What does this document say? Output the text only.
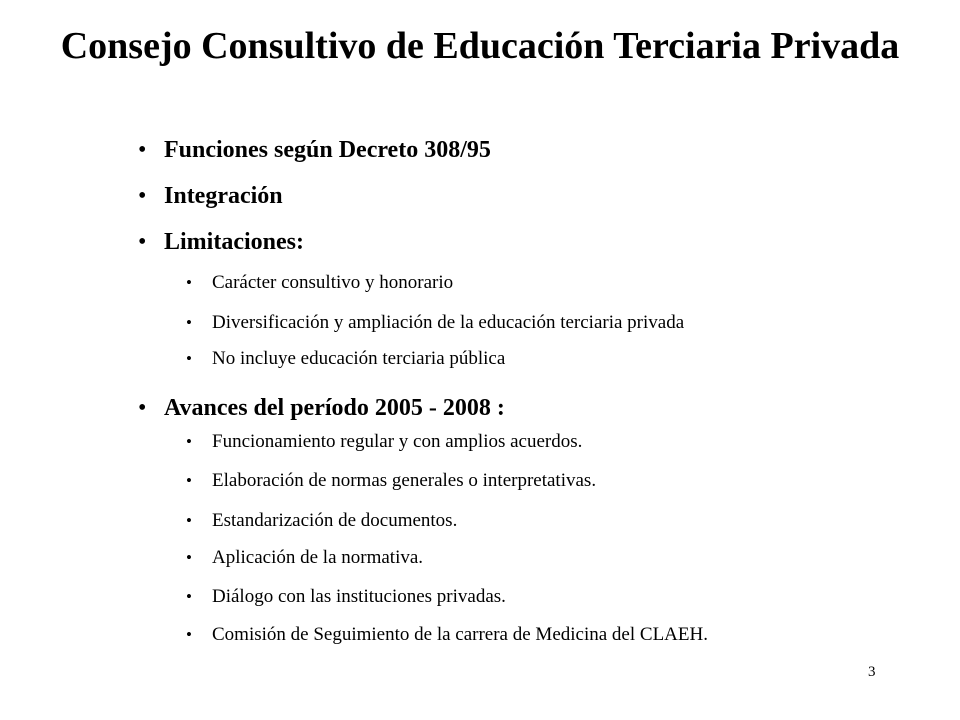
Consejo Consultivo de Educación Terciaria Privada
• Funciones según Decreto 308/95
• Integración
• Limitaciones:
• Carácter consultivo y honorario
• Diversificación y ampliación de la educación terciaria privada
• No incluye educación terciaria pública
• Avances del período 2005 - 2008 :
• Funcionamiento regular y con amplios acuerdos.
• Elaboración de normas generales o interpretativas.
• Estandarización de documentos.
• Aplicación de la normativa.
• Diálogo con las instituciones privadas.
• Comisión de Seguimiento de la carrera de Medicina del CLAEH.
3
